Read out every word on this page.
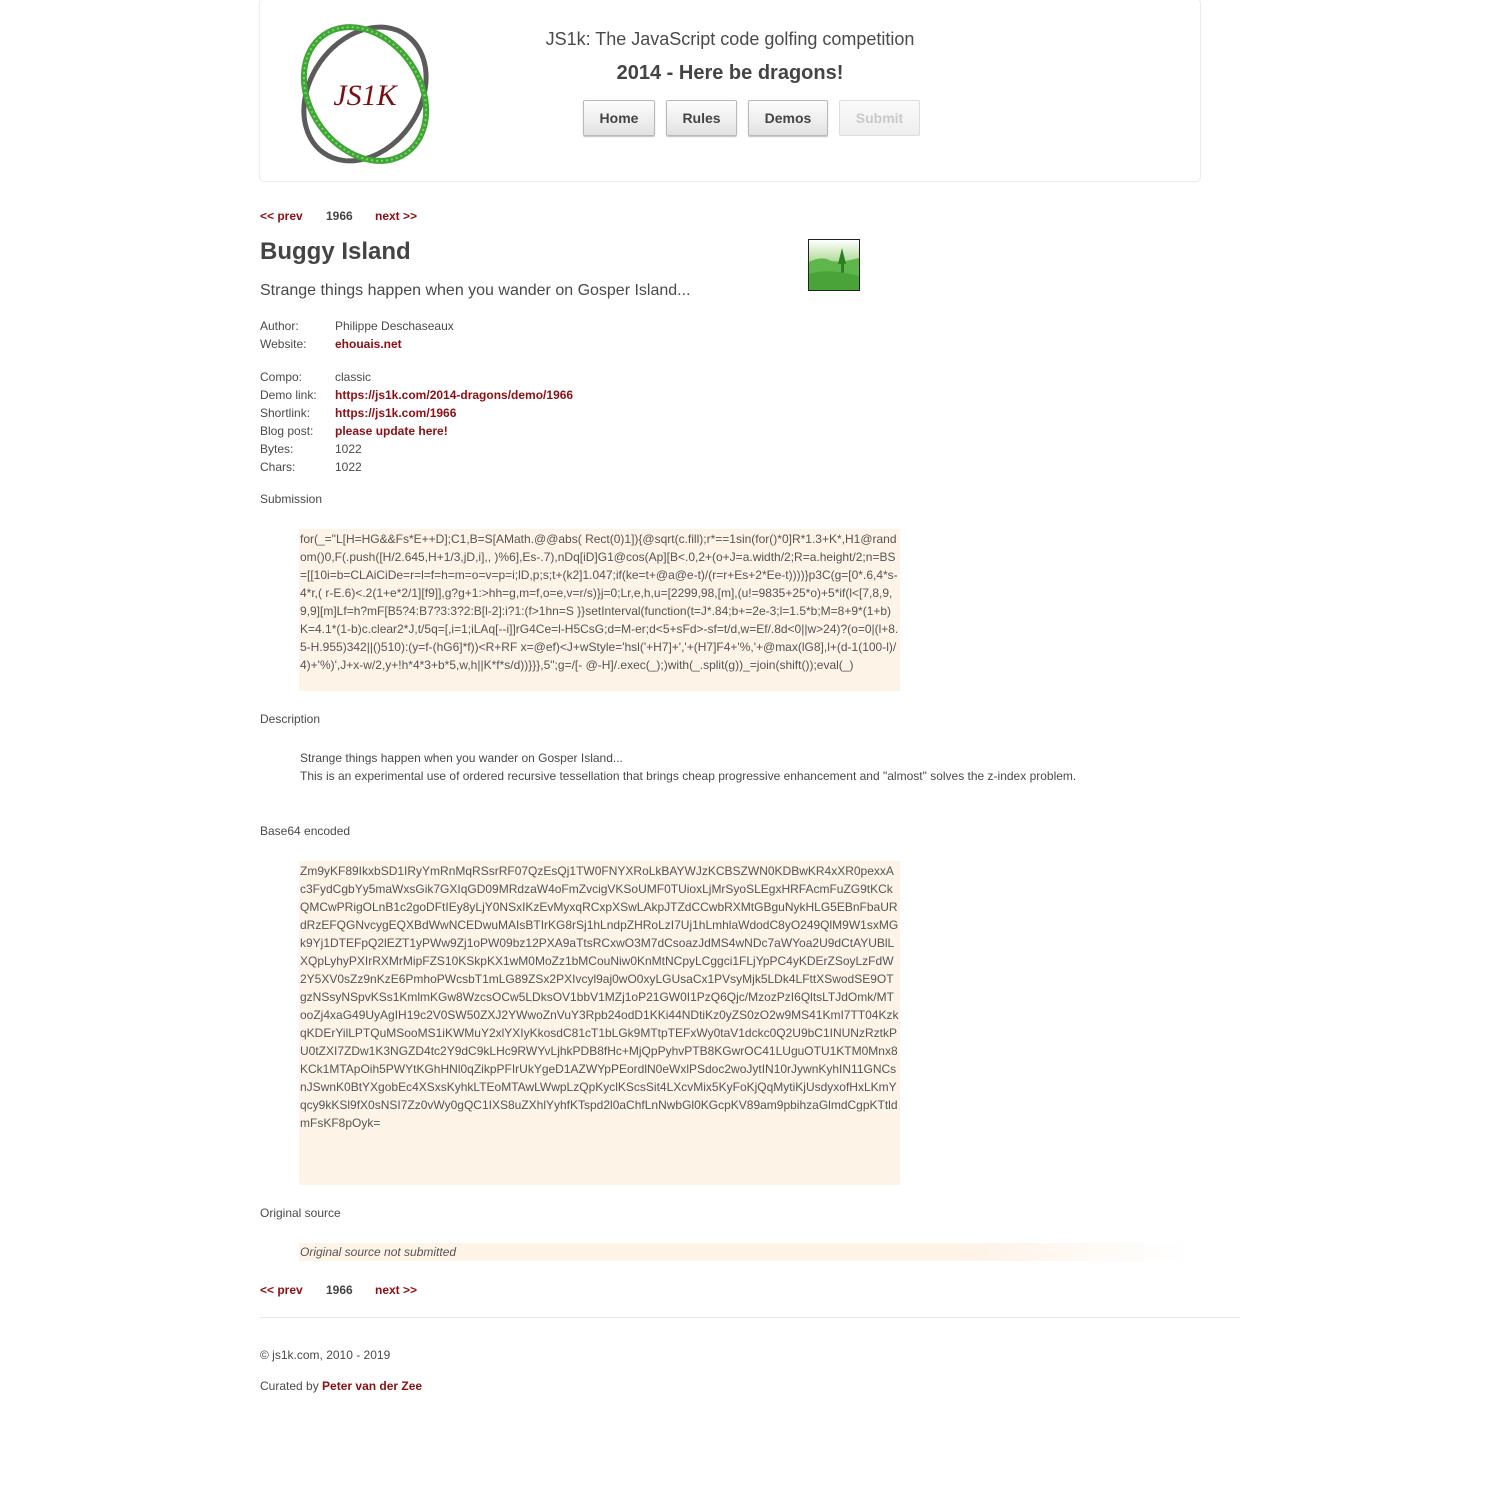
JS1K
JS1k: The JavaScript code golfing competition
2014 - Here be dragons!
Home	Rules	Demos	Submit
<< prev 1966 next >>
Buggy Island
Strange things happen when you wander on Gosper Island...
Author:	Philippe Deschaseaux
Website:	ehouais.net
Compo:	classic
Demo link:	https://js1k.com/2014-dragons/demo/1966
Shortlink:	https://js1k.com/1966
Blog post:	please update here!
Bytes:	1022
Chars:	1022
Submission
for(_="L[H=HG&&Fs*E++D];C1,B=S[AMath.@@abs( Rect(0)1]){@sqrt(c.fill);r*==1sin(for()*0]R*1.3+K*,H1@random()0,F(.push([H/2.645,H+1/3,jD,i],, )%6],Es-.7),nDq[iD]G1@cos(Ap][B<.0,2+(o+J=a.width/2;R=a.height/2;n=BS=[[10i=b=CLAiCiDe=r=l=f=h=m=o=v=p=i;lD,p;s;t+(k2]1.047;if(ke=t+@a@e-t)/(r=r+Es+2*Ee-t))))}p3C(g=[0*.6,4*s-4*r,( r-E.6)<.2(1+e*2/1][f9]],g?g+1:>hh=g,m=f,o=e,v=r/s)}j=0;Lr,e,h,u=[2299,98,[m],(u!=9835+25*o)+5*if(l<[7,8,9,9,9][m]Lf=h?mF[B5?4:B7?3:3?2:B[l-2]:i?1:(f>1hn=S }}setInterval(function(t=J*.84;b+=2e-3;l=1.5*b;M=8+9*(1+b)K=4.1*(1-b)c.clear2*J,t/5q=[,i=1;iLAq[--i]]rG4Ce=l-H5CsG;d=M-er;d<5+sFd>-sf=t/d,w=Ef/.8d<0||w>24)?(o=0|(l+8.5-H.955)342||()510):(y=f-(hG6]*f))<R+RF x=@ef)<J+wStyle='hsl('+H7]+','+(H7]F4+'%,'+@max(lG8],l+(d-1(100-l)/4)+'%)',J+x-w/2,y+!h*4*3+b*5,w,h||K*f*s/d))}}},5";g=/[- @-H]/.exec(_);)with(_.split(g))_=join(shift());eval(_)
Description
Strange things happen when you wander on Gosper Island...
This is an experimental use of ordered recursive tessellation that brings cheap progressive enhancement and "almost" solves the z-index problem.
Base64 encoded
Zm9yKF89IkxbSD1IRyYmRnMqRSsrRF07QzEsQj1TW0FNYXRoLkBAYWJzKCBSZWN0KDBwKR4xXR0pexxAc3FydCgbYy5maWxsGik7GXIqGD09MRdzaW4oFmZvcigVKSoUMF0TUioxLjMrSyoSLEgxHRFAcmFuZG9tKCkQMCwPRigOLnB1c2goDFtIEy8yLjY0NSxIKzEvMyxqRCxpXSwLAkpJTZdCCwbRXMtGBguNykHLG5EBnFbaURdRzEFQGNvcygEQXBdWwNCEDwuMAIsBTIrKG8rSj1hLndpZHRoLzI7Uj1hLmhlaWdodC8yO249QlM9W1sxMGk9Yj1DTEFpQ2lEZT1yPWw9Zj1oPW09bz12PXA9aTtsRCxwO3M7dCsoazJdMS4wNDc7aWYoa2U9dCtAYUBlLXQpLyhyPXIrRXMrMipFZS10KSkpKX1wM0MoZz1bMCouNiw0KnMtNCpyLCggci1FLjYpPC4yKDErZSoyLzFdW2Y5XV0sZz9nKzE6PmhoPWcsbT1mLG89ZSx2PXIvcyl9aj0wO0xyLGUsaCx1PVsyMjk5LDk4LFttXSwodSE9OTgzNSsyNSpvKSs1KmlmKGw8WzcsOCw5LDksOV1bbV1MZj1oP21GW0I1PzQ6Qjc/MzozPzI6QltsLTJdOmk/MTooZj4xaG49UyAgIH19c2V0SW50ZXJ2YWwoZnVuY3Rpb24odD1KKi44NDtiKz0yZS0zO2w9MS41KmI7TT04KzkqKDErYilLPTQuMSooMS1iKWMuY2xlYXIyKkosdC81cT1bLGk9MTtpTEFxWy0taV1dckc0Q2U9bC1INUNzRztkPU0tZXI7ZDw1K3NGZD4tc2Y9dC9kLHc9RWYvLjhkPDB8fHc+MjQpPyhvPTB8KGwrOC41LUguOTU1KTM0Mnx8KCk1MTApOih5PWYtKGhHNl0qZikpPFIrUkYgeD1AZWYpPEordlN0eWxlPSdoc2woJytIN10rJywnKyhIN11GNCsnJSwnK0BtYXgobEc4XSxsKyhkLTEoMTAwLWwpLzQpKyclKScsSit4LXcvMix5KyFoKjQqMytiKjUsdyxofHxLKmYqcy9kKSl9fX0sNSI7Zz0vWy0gQC1IXS8uZXhlYyhfKTspd2l0aChfLnNwbGl0KGcpKV89am9pbihzaGlmdCgpKTtldmFsKF8pOyk=
Original source
Original source not submitted
<< prev 1966 next >>
© js1k.com, 2010 - 2019
Curated by Peter van der Zee
